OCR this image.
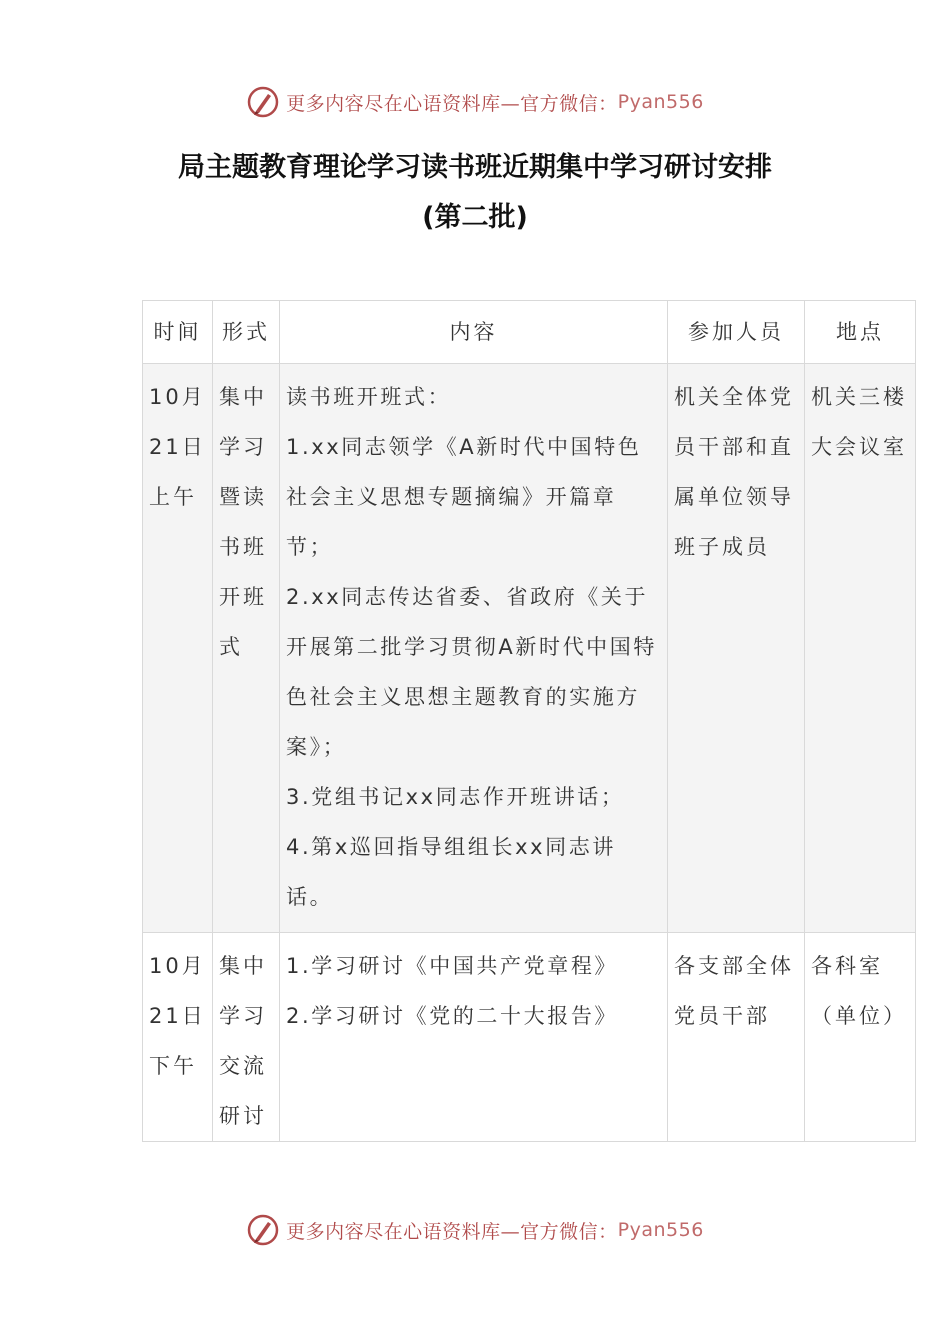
更多内容尽在心语资料库—官方微信： Pyan556
局主题教育理论学习读书班近期集中学习研讨安排
(第二批)
时间	形式	内容	参加人员	地点
10月21日上午	集中学习暨读书班开班式	读书班开班式：
1.xx同志领学《A新时代中国特色社会主义思想专题摘编》开篇章节；
2.xx同志传达省委、省政府《关于开展第二批学习贯彻A新时代中国特色社会主义思想主题教育的实施方案》；
3.党组书记xx同志作开班讲话；
4.第x巡回指导组组长xx同志讲话。	机关全体党员干部和直属单位领导班子成员	机关三楼大会议室
10月21日下午	集中学习交流研讨	1.学习研讨《中国共产党章程》
2.学习研讨《党的二十大报告》	各支部全体党员干部	各科室（单位）
更多内容尽在心语资料库—官方微信： Pyan556
